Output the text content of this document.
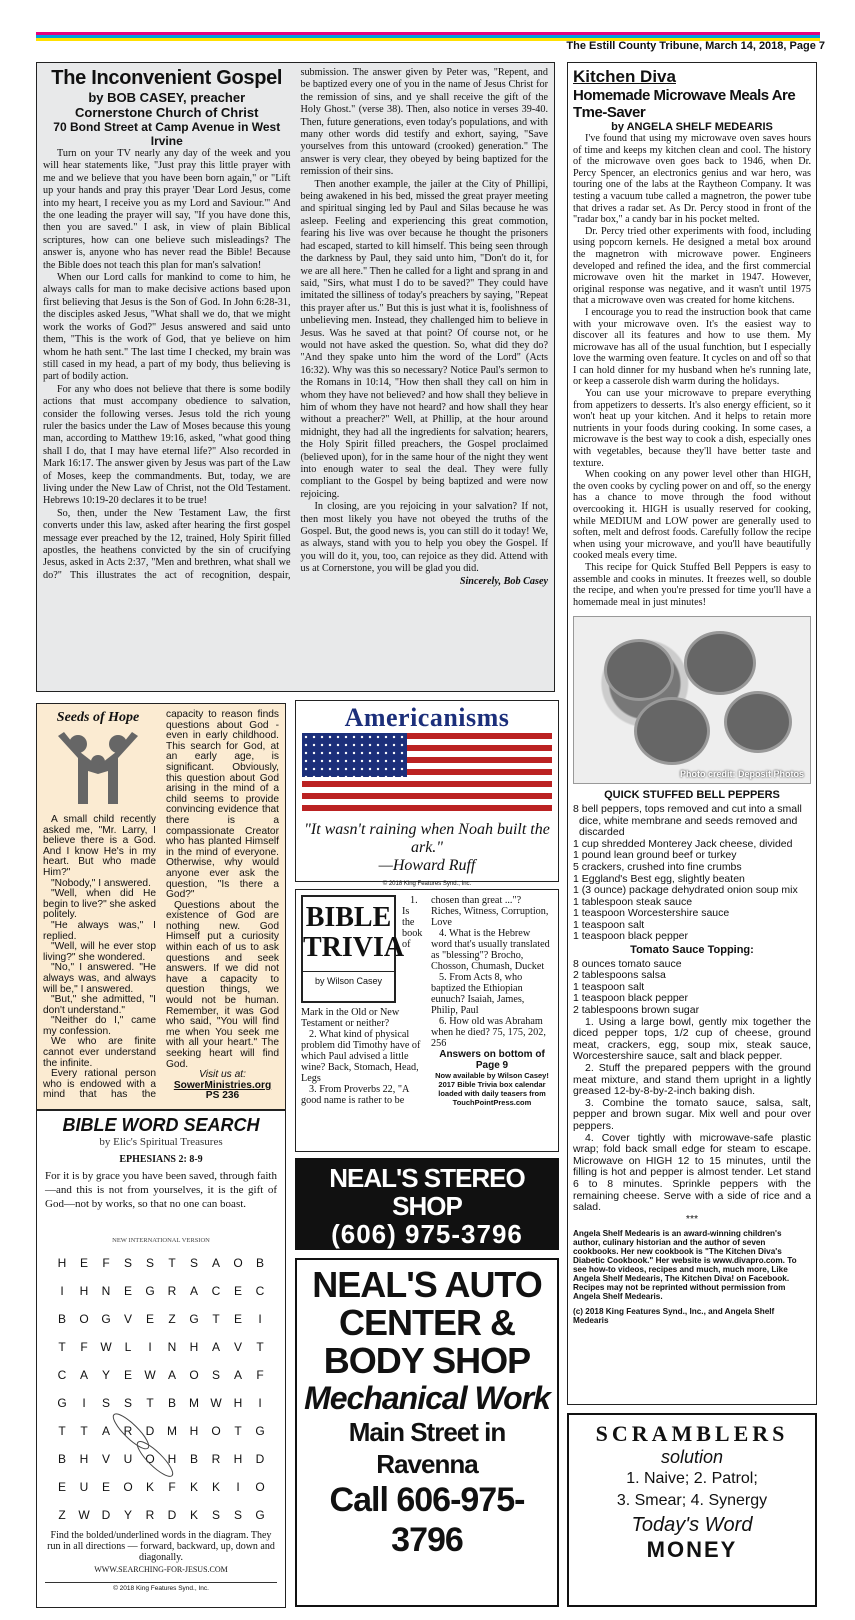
The Estill County Tribune, March 14, 2018, Page 7
The Inconvenient Gospel
by BOB CASEY, preacher
Cornerstone Church of Christ
70 Bond Street at Camp Avenue in West Irvine

Turn on your TV nearly any day of the week and you will hear statements like, "Just pray this little prayer with me and we believe that you have been born again," or "Lift up your hands and pray this prayer 'Dear Lord Jesus, come into my heart, I receive you as my Lord and Saviour.'" And the one leading the prayer will say, "If you have done this, then you are saved." I ask, in view of plain Biblical scriptures, how can one believe such misleadings? The answer is, anyone who has never read the Bible! Because the Bible does not teach this plan for man's salvation!

When our Lord calls for mankind to come to him, he always calls for man to make decisive actions based upon first believing that Jesus is the Son of God. In John 6:28-31, the disciples asked Jesus, "What shall we do, that we might work the works of God?" Jesus answered and said unto them, "This is the work of God, that ye believe on him whom he hath sent." The last time I checked, my brain was still cased in my head, a part of my body, thus believing is part of bodily action.

For any who does not believe that there is some bodily actions that must accompany obedience to salvation, consider the following verses. Jesus told the rich young ruler the basics under the Law of Moses because this young man, according to Matthew 19:16, asked, "what good thing shall I do, that I may have eternal life?" Also recorded in Mark 16:17. The answer given by Jesus was part of the Law of Moses, keep the commandments. But, today, we are living under the New Law of Christ, not the Old Testament. Hebrews 10:19-20 declares it to be true!

So, then, under the New Testament Law, the first converts under this law, asked after hearing the first gospel message ever preached by the 12, trained, Holy Spirit filled apostles, the heathens convicted by the sin of crucifying Jesus, asked in Acts 2:37, "Men and brethren, what shall we do?" This illustrates the act of recognition, despair, submission. The answer given by Peter was, "Repent, and be baptized every one of you in the name of Jesus Christ for the remission of sins, and ye shall receive the gift of the Holy Ghost." (verse 38). Then, also notice in verses 39-40. Then, future generations, even today's populations, and with many other words did testify and exhort, saying, "Save yourselves from this untoward (crooked) generation." The answer is very clear, they obeyed by being baptized for the remission of their sins.

Then another example, the jailer at the City of Phillipi, being awakened in his bed, missed the great prayer meeting and spiritual singing led by Paul and Silas because he was asleep. Feeling and experiencing this great commotion, fearing his live was over because he thought the prisoners had escaped, started to kill himself. This being seen through the darkness by Paul, they said unto him, "Don't do it, for we are all here." Then he called for a light and sprang in and said, "Sirs, what must I do to be saved?" They could have imitated the silliness of today's preachers by saying, "Repeat this prayer after us." But this is just what it is, foolishness of unbelieving men. Instead, they challenged him to believe in Jesus. Was he saved at that point? Of course not, or he would not have asked the question. So, what did they do? "And they spake unto him the word of the Lord" (Acts 16:32). Why was this so necessary? Notice Paul's sermon to the Romans in 10:14, "How then shall they call on him in whom they have not believed? and how shall they believe in him of whom they have not heard? and how shall they hear without a preacher?" Well, at Phillip, at the hour around midnight, they had all the ingredients for salvation; hearers, the Holy Spirit filled preachers, the Gospel proclaimed (believed upon), for in the same hour of the night they went into enough water to seal the deal. They were fully compliant to the Gospel by being baptized and were now rejoicing.

In closing, are you rejoicing in your salvation? If not, then most likely you have not obeyed the truths of the Gospel. But, the good news is, you can still do it today! We, as always, stand with you to help you obey the Gospel. If you will do it, you, too, can rejoice as they did. Attend with us at Cornerstone, you will be glad you did.

Sincerely, Bob Casey
Kitchen Diva
Homemade Microwave Meals Are Tme-Saver
by ANGELA SHELF MEDEARIS

I've found that using my microwave oven saves hours of time and keeps my kitchen clean and cool. The history of the microwave oven goes back to 1946, when Dr. Percy Spencer, an electronics genius and war hero, was touring one of the labs at the Raytheon Company. It was testing a vacuum tube called a magnetron, the power tube that drives a radar set. As Dr. Percy stood in front of the "radar box," a candy bar in his pocket melted.

Dr. Percy tried other experiments with food, including using popcorn kernels. He designed a metal box around the magnetron with microwave power. Engineers developed and refined the idea, and the first commercial microwave oven hit the market in 1947. However, original response was negative, and it wasn't until 1975 that a microwave oven was created for home kitchens.

I encourage you to read the instruction book that came with your microwave oven. It's the easiest way to discover all its features and how to use them. My microwave has all of the usual funchtion, but I especially love the warming oven feature. It cycles on and off so that I can hold dinner for my husband when he's running late, or keep a casserole dish warm during the holidays.

You can use your microwave to prepare everything from appetizers to desserts. It's also energy efficient, so it won't heat up your kitchen. And it helps to retain more nutrients in your foods during cooking. In some cases, a microwave is the best way to cook a dish, especially ones with vegetables, because they'll have better taste and texture.

When cooking on any power level other than HIGH, the oven cooks by cycling power on and off, so the energy has a chance to move through the food without overcooking it. HIGH is usually reserved for cooking, while MEDIUM and LOW power are generally used to soften, melt and defrost foods. Carefully follow the recipe when using your microwave, and you'll have beautifully cooked meals every time.

This recipe for Quick Stuffed Bell Peppers is easy to assemble and cooks in minutes. It freezes well, so double the recipe, and when you're pressed for time you'll have a homemade meal in just minutes!

Photo credit: Deposit Photos
QUICK STUFFED BELL PEPPERS
8 bell peppers, tops removed and cut into a small
dice, white membrane and seeds removed and discarded
1 cup shredded Monterey Jack cheese, divided
1 pound lean ground beef or turkey
5 crackers, crushed into fine crumbs
1 Eggland's Best egg, slightly beaten
1 (3 ounce) package dehydrated onion soup mix
1 tablespoon steak sauce
1 teaspoon Worcestershire sauce
1 teaspoon salt
1 teaspoon black pepper
Tomato Sauce Topping:
8 ounces tomato sauce
2 tablespoons salsa
1 teaspoon salt
1 teaspoon black pepper
2 tablespoons brown sugar
1. Using a large bowl, gently mix together the diced pepper tops, 1/2 cup of cheese, ground meat, crackers, egg, soup mix, steak sauce, Worcestershire sauce, salt and black pepper.
2. Stuff the prepared peppers with the ground meat mixture, and stand them upright in a lightly greased 12-by-8-by-2-inch baking dish.
3. Combine the tomato sauce, salsa, salt, pepper and brown sugar. Mix well and pour over peppers.
4. Cover tightly with microwave-safe plastic wrap; fold back small edge for steam to escape. Microwave on HIGH 12 to 15 minutes, until the filling is hot and pepper is almost tender. Let stand 6 to 8 minutes. Sprinkle peppers with the remaining cheese. Serve with a side of rice and a salad.
***
Angela Shelf Medearis is an award-winning children's author, culinary historian and the author of seven cookbooks. Her new cookbook is "The Kitchen Diva's Diabetic Cookbook." Her website is www.divapro.com. To see how-to videos, recipes and much, much more, Like Angela Shelf Medearis, The Kitchen Diva! on Facebook. Recipes may not be reprinted without permission from Angela Shelf Medearis.
(c) 2018 King Features Synd., Inc., and Angela Shelf Medearis
Seeds of Hope

A small child recently asked me, "Mr. Larry, I believe there is a God. And I know He's in my heart. But who made Him?"

"Nobody," I answered.

"Well, when did He begin to live?" she asked politely.

"He always was," I replied.

"Well, will he ever stop living?" she wondered.

"No," I answered. "He always was, and always will be," I answered.

"But," she admitted, "I don't understand."

"Neither do I," came my confession.

We who are finite cannot ever understand the infinite.

Every rational person who is endowed with a mind that has the capacity to reason finds questions about God - even in early childhood. This search for God, at an early age, is significant. Obviously, this question about God arising in the mind of a child seems to provide convincing evidence that there is a compassionate Creator who has planted Himself in the mind of everyone. Otherwise, why would anyone ever ask the question, "Is there a God?"

Questions about the existence of God are nothing new. God Himself put a curiosity within each of us to ask questions and seek answers. If we did not have a capacity to question things, we would not be human. Remember, it was God who said, "You will find me when You seek me with all your heart." The seeking heart will find God.

Visit us at:
SowerMinistries.org
PS 236
BIBLE WORD SEARCH
by Elic's Spiritual Treasures
EPHESIANS 2: 8-9
For it is by grace you have been saved, through faith—and this is not from yourselves, it is the gift of God—not by works, so that no one can boast.
NEW INTERNATIONAL VERSION
H	E	F	S	S	T	S	A	O	B
I	H	N	E	G	R	A	C	E	C
B	O	G	V	E	Z	G	T	E	I
T	F	W	L	I	N	H	A	V	T
C	A	Y	E	W	A	O	S	A	F
G	I	S	S	T	B	M W	H	I
T	T	A	R	D	M	H	O	T	G
B	H	V	U	O	H	B	R	H	D
E	U	E	O	K	F	K	K	I	O
Z	W	D	Y	R	D	K	S	S	G
Find the bolded/underlined words in the diagram. They run in all directions — forward, backward, up, down and diagonally.
WWW.SEARCHING-FOR-JESUS.COM
© 2018 King Features Synd., Inc.
Americanisms
"It wasn't raining when Noah built the ark."
—Howard Ruff
© 2018 King Features Synd., Inc.
BIBLE
TRIVIA
by Wilson Casey

1. Is the book of Mark in the Old or New Testament or neither?

2. What kind of physical problem did Timothy have of which Paul advised a little wine? Back, Stomach, Head, Legs

3. From Proverbs 22, "A good name is rather to be chosen than great ..."? Riches, Witness, Corruption, Love

4. What is the Hebrew word that's usually translated as "blessing"? Brocho, Chosson, Chumash, Ducket

5. From Acts 8, who baptized the Ethiopian eunuch? Isaiah, James, Philip, Paul

6. How old was Abraham when he died? 75, 175, 202, 256

Answers on bottom of Page 9
Now available by Wilson Casey! 2017 Bible Trivia box calendar loaded with daily teasers from TouchPointPress.com
NEAL'S STEREO SHOP
(606) 975-3796
River Drive & Main in Ravenna
NEAL'S AUTO
CENTER &
BODY SHOP
Mechanical Work
Main Street in Ravenna
Call 606-975-3796
SCRAMBLERS
solution
1. Naive; 2. Patrol;
3. Smear; 4. Synergy
Today's Word
MONEY
